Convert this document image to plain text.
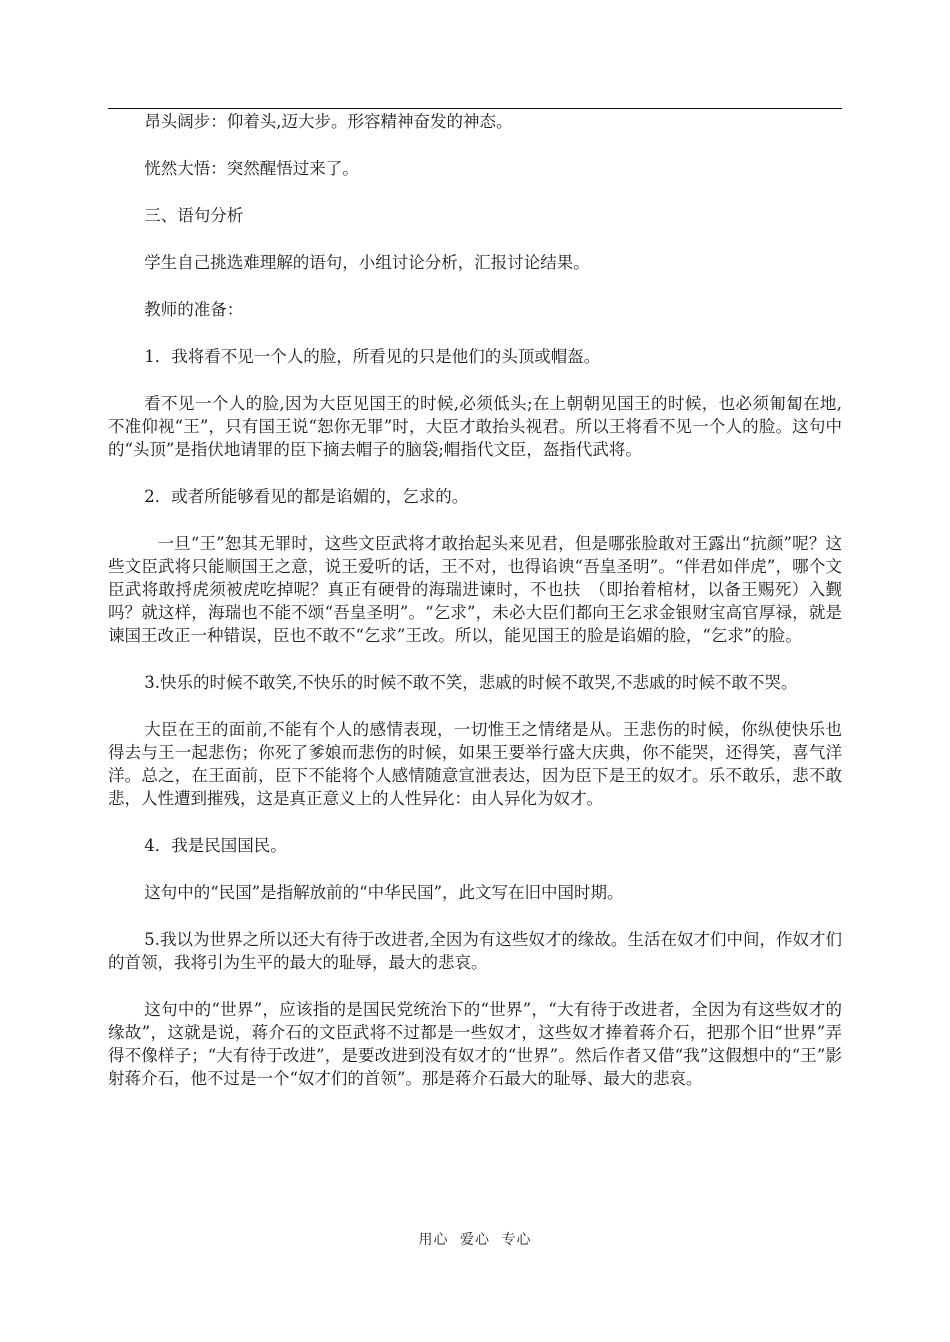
昂头阔步：仰着头,迈大步。形容精神奋发的神态。

恍然大悟：突然醒悟过来了。

三、语句分析

学生自己挑选难理解的语句，小组讨论分析，汇报讨论结果。

教师的准备：

1．我将看不见一个人的脸，所看见的只是他们的头顶或帽盔。

看不见一个人的脸,因为大臣见国王的时候,必须低头;在上朝朝见国王的时候，也必须匍匐在地,不准仰视“王”，只有国王说“恕你无罪”时，大臣才敢抬头视君。所以王将看不见一个人的脸。这句中的“头顶”是指伏地请罪的臣下摘去帽子的脑袋;帽指代文臣，盔指代武将。

2．或者所能够看见的都是谄媚的，乞求的。

一旦“王”恕其无罪时，这些文臣武将才敢抬起头来见君，但是哪张脸敢对王露出“抗颜”呢？这些文臣武将只能顺国王之意，说王爱听的话，王不对，也得谄谀“吾皇圣明”。“伴君如伴虎”，哪个文臣武将敢捋虎须被虎吃掉呢？真正有硬骨的海瑞进谏时，不也扶　（即抬着棺材，以备王赐死）入觐吗？就这样，海瑞也不能不颂“吾皇圣明”。“乞求”，未必大臣们都向王乞求金银财宝高官厚禄，就是谏国王改正一种错误，臣也不敢不“乞求”王改。所以，能见国王的脸是谄媚的脸，“乞求”的脸。

3.快乐的时候不敢笑,不快乐的时候不敢不笑，悲戚的时候不敢哭,不悲戚的时候不敢不哭。

大臣在王的面前,不能有个人的感情表现，一切惟王之情绪是从。王悲伤的时候，你纵使快乐也得去与王一起悲伤；你死了爹娘而悲伤的时候，如果王要举行盛大庆典，你不能哭，还得笑，喜气洋洋。总之，在王面前，臣下不能将个人感情随意宣泄表达，因为臣下是王的奴才。乐不敢乐，悲不敢悲，人性遭到摧残，这是真正意义上的人性异化：由人异化为奴才。

4．我是民国国民。

这句中的“民国”是指解放前的“中华民国”，此文写在旧中国时期。

5.我以为世界之所以还大有待于改进者,全因为有这些奴才的缘故。生活在奴才们中间，作奴才们的首领，我将引为生平的最大的耻辱，最大的悲哀。

这句中的“世界”，应该指的是国民党统治下的“世界”，“大有待于改进者，全因为有这些奴才的缘故”，这就是说，蒋介石的文臣武将不过都是一些奴才，这些奴才捧着蒋介石，把那个旧“世界”弄得不像样子；“大有待于改进”，是要改进到没有奴才的“世界”。然后作者又借“我”这假想中的“王”影射蒋介石，他不过是一个“奴才们的首领”。那是蒋介石最大的耻辱、最大的悲哀。

用心 爱心 专心
